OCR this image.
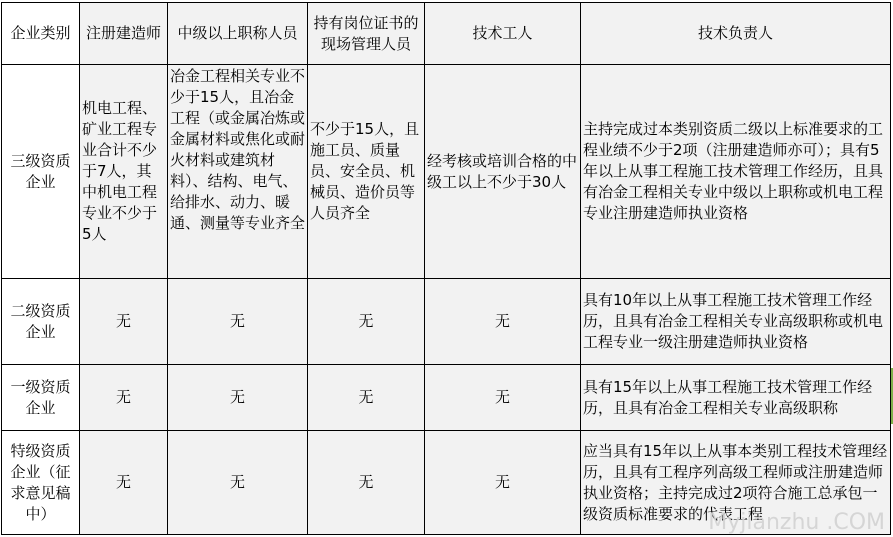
企业类别	注册建造师	中级以上职称人员	持有岗位证书的现场管理人员	技术工人	技术负责人
三级资质企业	机电工程、矿业工程专业合计不少于7人，其中机电工程专业不少于5人	冶金工程相关专业不少于15人，且冶金工程（或金属冶炼或金属材料或焦化或耐火材料或建筑材料）、结构、电气、给排水、动力、暖通、测量等专业齐全	不少于15人，且施工员、质量员、安全员、机械员、造价员等人员齐全	经考核或培训合格的中级工以上不少于30人	主持完成过本类别资质二级以上标准要求的工程业绩不少于2项（注册建造师亦可）；具有5年以上从事工程施工技术管理工作经历，且具有冶金工程相关专业中级以上职称或机电工程专业注册建造师执业资格
二级资质企业	无	无	无	无	具有10年以上从事工程施工技术管理工作经历，且具有冶金工程相关专业高级职称或机电工程专业一级注册建造师执业资格
一级资质企业	无	无	无	无	具有15年以上从事工程施工技术管理工作经历，且具有冶金工程相关专业高级职称
特级资质企业（征求意见稿中）	无	无	无	无	应当具有15年以上从事本类别工程技术管理经历，且具有工程序列高级工程师或注册建造师执业资格；主持完成过2项符合施工总承包一级资质标准要求的代表工程
Myjianzhu .COM
